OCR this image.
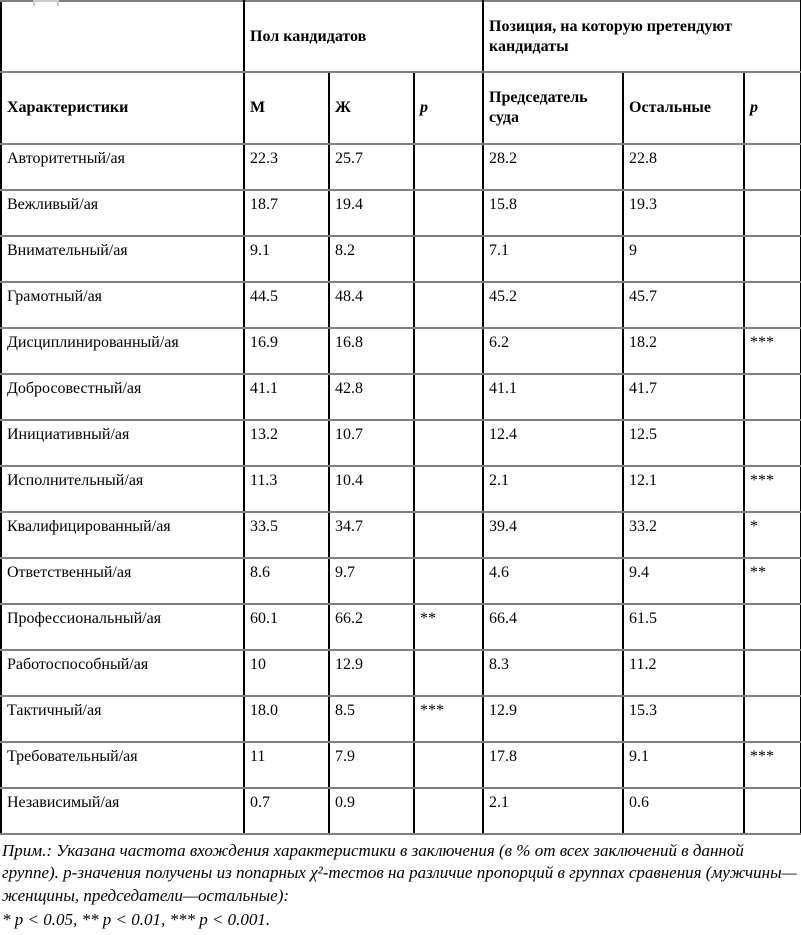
	Пол кандидатов			Позиция, на которую претендуют кандидаты		
Характеристики	М	Ж	p	Председатель суда	Остальные	p
Авторитетный/ая	22.3	25.7		28.2	22.8	
Вежливый/ая	18.7	19.4		15.8	19.3	
Внимательный/ая	9.1	8.2		7.1	9	
Грамотный/ая	44.5	48.4		45.2	45.7	
Дисциплинированный/ая	16.9	16.8		6.2	18.2	***
Добросовестный/ая	41.1	42.8		41.1	41.7	
Инициативный/ая	13.2	10.7		12.4	12.5	
Исполнительный/ая	11.3	10.4		2.1	12.1	***
Квалифицированный/ая	33.5	34.7		39.4	33.2	*
Ответственный/ая	8.6	9.7		4.6	9.4	**
Профессиональный/ая	60.1	66.2	**	66.4	61.5	
Работоспособный/ая	10	12.9		8.3	11.2	
Тактичный/ая	18.0	8.5	***	12.9	15.3	
Требовательный/ая	11	7.9		17.8	9.1	***
Независимый/ая	0.7	0.9		2.1	0.6	
Прим.: Указана частота вхождения характеристики в заключения (в % от всех заключений в данной группе). p-значения получены из попарных χ²-тестов на различие пропорций в группах сравнения (мужчины—женщины, председатели—остальные):
* p < 0.05, ** p < 0.01, *** p < 0.001.
